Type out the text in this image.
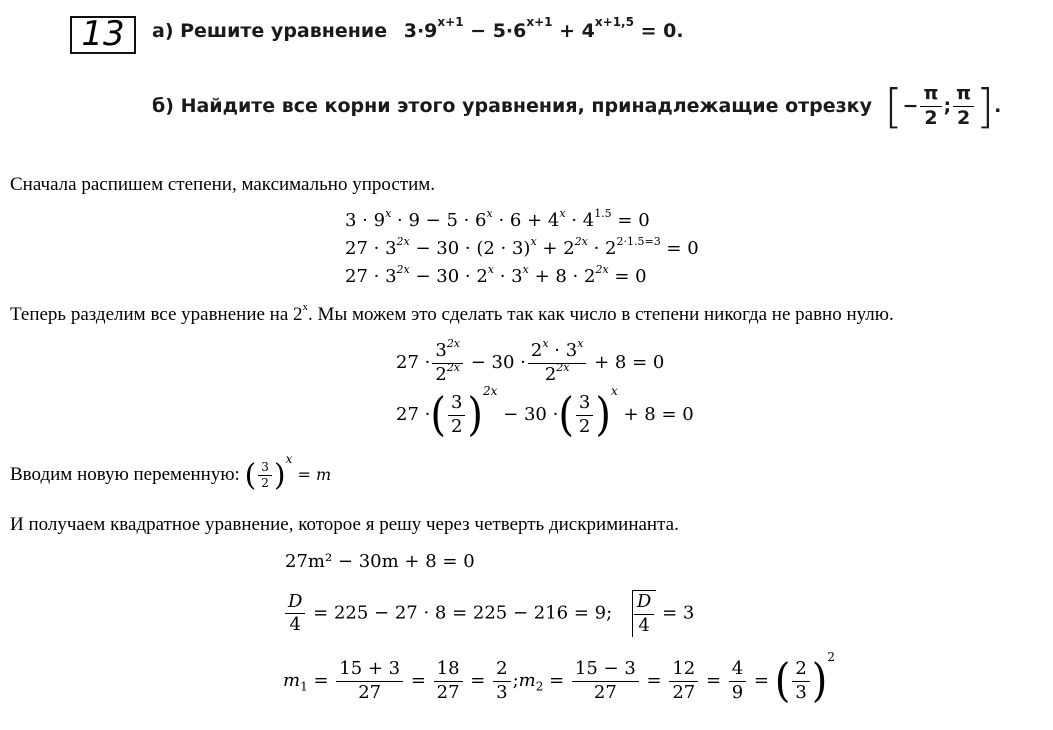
13	а) Решите уравнение $3\cdot 9^{x+1} - 5\cdot 6^{x+1} + 4^{x+1,5} = 0$.
б) Найдите все корни этого уравнения, принадлежащие отрезку [− $\frac{\pi}{2}$ ; $\frac{\pi}{2}$ ].
Сначала распишем степени, максимально упростим.
$3 \cdot 9^x \cdot 9 - 5 \cdot 6^x \cdot 6 + 4^x \cdot 4^{1.5} = 0$
$27 \cdot 3^{2x} - 30 \cdot (2 \cdot 3)^x + 2^{2x} \cdot 2^{2\cdot 1.5=3} = 0$
$27 \cdot 3^{2x} - 30 \cdot 2^x \cdot 3^x + 8 \cdot 2^{2x} = 0$
Теперь разделим все уравнение на 2$^x$. Мы можем это сделать так как число в степени никогда не равно нулю.
$27 \cdot \frac{3^{2x}}{2^{2x}} - 30 \cdot \frac{2^x \cdot 3^x}{2^{2x}} + 8 = 0$
27 ·( $\frac{3}{2} )^{2x} - 30$ ·( $\frac{3}{2} )^x + 8 = 0$
Вводим новую переменную: ( $\frac{3}{2} )^x = m$
И получаем квадратное уравнение, которое я решу через четверть дискриминанта.
27m² − 30m + 8 = 0
$\frac{D}{4} = 225 - 27 \cdot 8 = 225 - 216 = 9$; $\frac{D}{4} = 3$
$m_1 = \frac{15 + 3}{27} = \frac{18}{27} = \frac{2}{3}$ $;m_2 = \frac{15 - 3}{27} = \frac{12}{27} = \frac{4}{9}$ = ( $\frac{2}{3} )^2$
